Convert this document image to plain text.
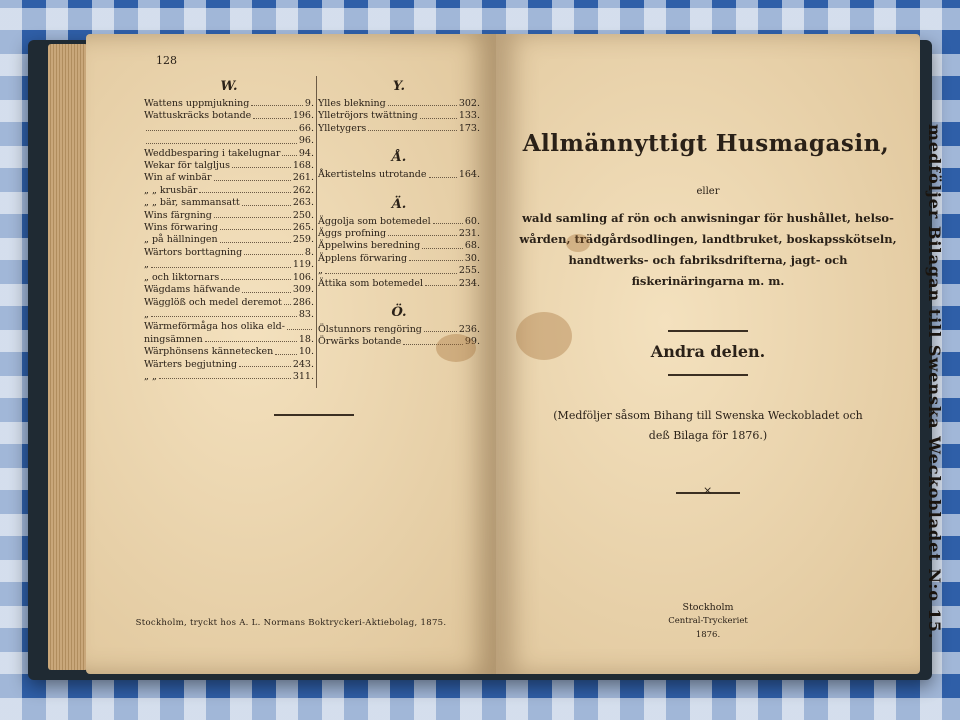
128
W.
Wattens uppmjukning	9.
Wattuskräcks botande	196.
66.
96.
Weddbesparing i takelugnar 94.
Wekar för talgljus	168.
Win af winbär	261.
„ „ krusbär	262.
„ „ bär, sammansatt	263.
Wins färgning	250.
Wins förwaring	265.
„ på hällningen	259.
Wärtors borttagning	8.
„	119.
„ och liktornars	106.
Wägdams häfwande	309.
Wägglöß och medel deremot 286.
„	83.
Wärmeförmåga hos olika eld-
ningsämnen	18.
Wärphönsens kännetecken	10.
Wärters begjutning	243.
„ „	311.
Y.
Ylles blekning	302.
Ylletröjors twättning	133.
Ylletygers	173.
Å.
Åkertistelns utrotande	164.
Ä.
Äggolja som botemedel	60.
Äggs profning	231.
Äppelwins beredning	68.
Äpplens förwaring	30.
„	255.
Ättika som botemedel	234.
Ö.
Ölstunnors rengöring	236.
Örwärks botande	99.
Stockholm, tryckt hos A. L. Normans Boktryckeri-Aktiebolag, 1875.
Allmännyttigt Husmagasin,
eller
wald samling af rön och anwisningar för hushållet, helso-
wården, trädgårdsodlingen, landtbruket, boskapsskötseln,
handtwerks- och fabriksdrifterna, jagt- och
fiskerinäringarna m. m.
Andra delen.
(Medföljer såsom Bihang till Swenska Weckobladet och
deß Bilaga för 1876.)
×
Stockholm
Central-Tryckeriet
1876.	medföljer Bilagan till Swenska Weckobladet N:o 15.
